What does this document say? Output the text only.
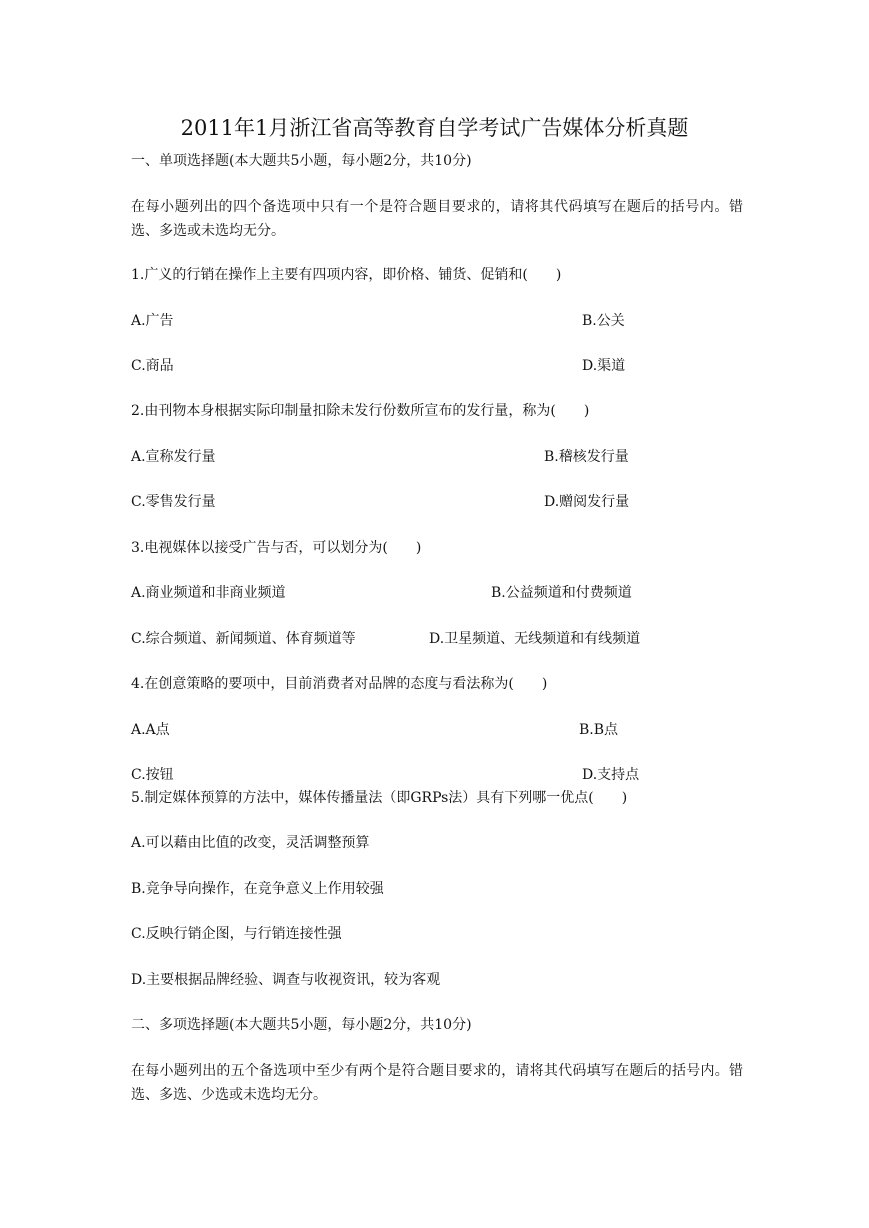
2011年1月浙江省高等教育自学考试广告媒体分析真题
一、单项选择题(本大题共5小题，每小题2分，共10分)
在每小题列出的四个备选项中只有一个是符合题目要求的，请将其代码填写在题后的括号内。错选、多选或未选均无分。
1.广义的行销在操作上主要有四项内容，即价格、铺货、促销和(　　)
A.广告	B.公关
C.商品	D.渠道
2.由刊物本身根据实际印制量扣除未发行份数所宣布的发行量，称为(　　)
A.宣称发行量	B.稽核发行量
C.零售发行量	D.赠阅发行量
3.电视媒体以接受广告与否，可以划分为(　　)
A.商业频道和非商业频道	B.公益频道和付费频道
C.综合频道、新闻频道、体育频道等	D.卫星频道、无线频道和有线频道
4.在创意策略的要项中，目前消费者对品牌的态度与看法称为(　　)
A.A点	B.B点
C.按钮	D.支持点
5.制定媒体预算的方法中，媒体传播量法（即GRPs法）具有下列哪一优点(　　)
A.可以藉由比值的改变，灵活调整预算
B.竞争导向操作，在竞争意义上作用较强
C.反映行销企图，与行销连接性强
D.主要根据品牌经验、调查与收视资讯，较为客观
二、多项选择题(本大题共5小题，每小题2分，共10分)
在每小题列出的五个备选项中至少有两个是符合题目要求的，请将其代码填写在题后的括号内。错选、多选、少选或未选均无分。
